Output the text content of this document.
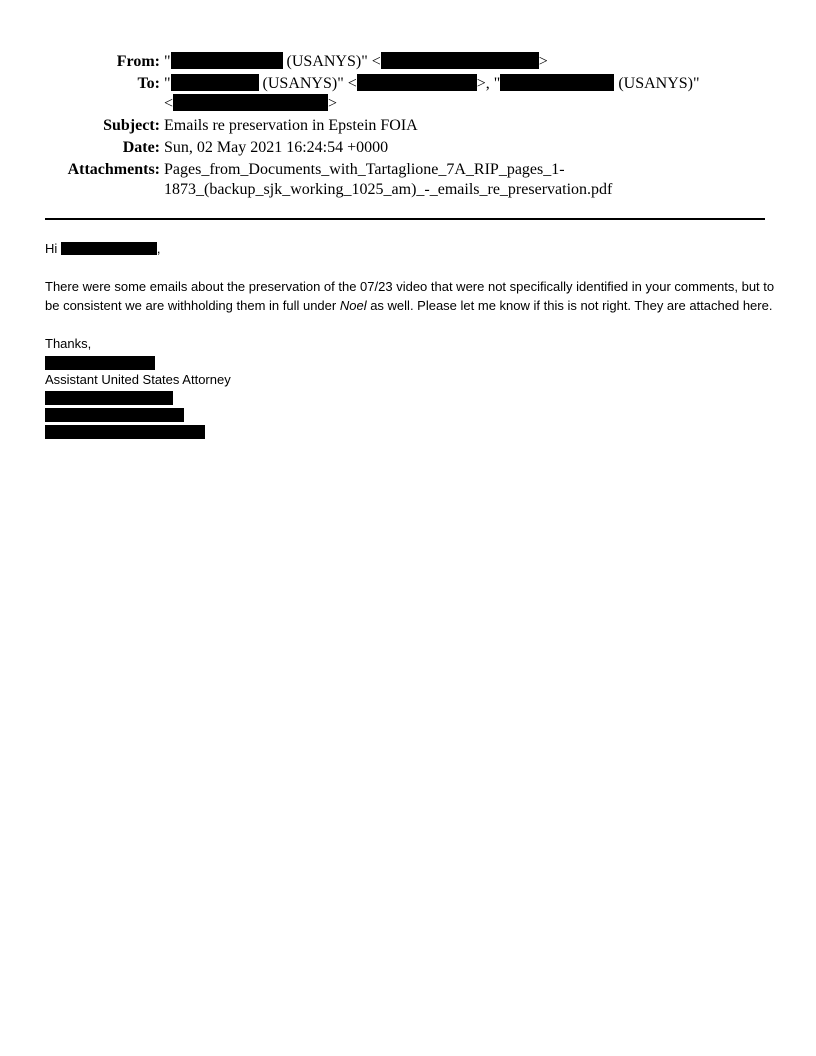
From: "	(USANYS)" <	>
To: "	(USANYS)" <	>, "	(USANYS)"
<	>
Subject: Emails re preservation in Epstein FOIA
Date: Sun, 02 May 2021 16:24:54 +0000
Attachments: Pages_from_Documents_with_Tartaglione_7A_RIP_pages_1-
1873_(backup_sjk_working_1025_am)_-_emails_re_preservation.pdf

Hi	,

There were some emails about the preservation of the 07/23 video that were not specifically identified in your comments, but to be consistent we are withholding them in full under Noel as well. Please let me know if this is not right. They are attached here.

Thanks,

Assistant United States Attorney
